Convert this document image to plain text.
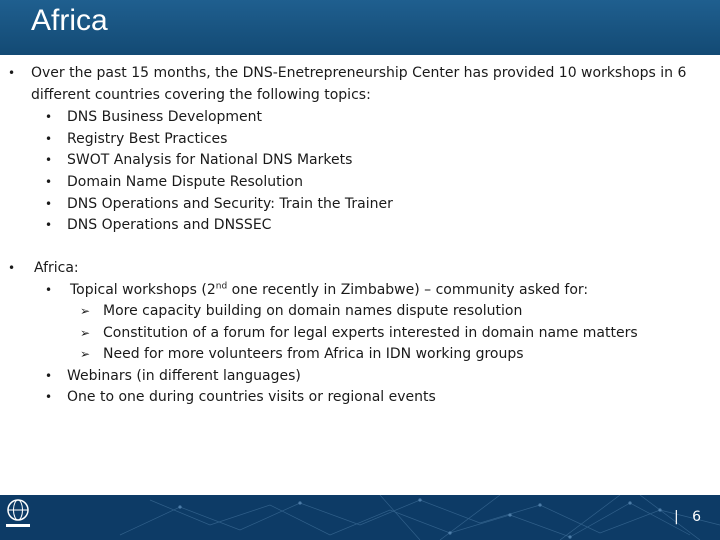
Africa
• Over the past 15 months, the DNS-Enetrepreneurship Center has provided 10 workshops in 6
different countries covering the following topics:
• DNS Business Development
• Registry Best Practices
• SWOT Analysis for National DNS Markets
• Domain Name Dispute Resolution
• DNS Operations and Security: Train the Trainer
• DNS Operations and DNSSEC
• Africa:
• Topical workshops (2nd one recently in Zimbabwe) – community asked for:
➢ More capacity building on domain names dispute resolution
➢ Constitution of a forum for legal experts interested in domain name matters
➢ Need for more volunteers from Africa in IDN working groups
• Webinars (in different languages)
• One to one during countries visits or regional events
| 6
